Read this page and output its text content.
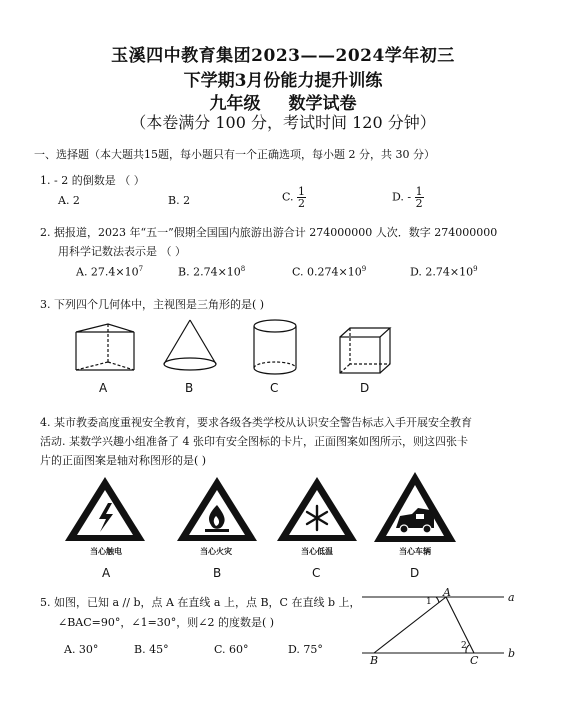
玉溪四中教育集团2023——2024学年初三
下学期3月份能力提升训练
九年级 数学试卷
（本卷满分 100 分，考试时间 120 分钟）
一、选择题（本大题共15题，每小题只有一个正确选项，每小题 2 分，共 30 分）
1. - 2 的倒数是 （ ）
A. 2	B. 2	C. $\frac{1}{2}$	D. - $\frac{1}{2}$
2. 据报道，2023 年“五一”假期全国国内旅游出游合计 274000000 人次．数字 274000000
用科学记数法表示是 （ ）
A. $27.4\times 10^7$	B. $2.74\times 10^8$	C. $0.274\times 10^9$	D. $2.74\times 10^9$
3. 下列四个几何体中，主视图是三角形的是( )
A	B	C	D
4. 某市教委高度重视安全教育，要求各级各类学校从认识安全警告标志入手开展安全教育
活动. 某数学兴趣小组准备了 4 张印有安全图标的卡片，正面图案如图所示，则这四张卡
片的正面图案是轴对称图形的是( )
当心触电	当心火灾	当心低温	当心车辆
A	B	C	D
5. 如图，已知 a // b，点 A 在直线 a 上，点 B，C 在直线 b 上，
∠BAC=90°，∠1=30°，则∠2 的度数是( )
A. 30°	B. 45°	C. 60°	D. 75°
A	a
1
2
B	C
b
